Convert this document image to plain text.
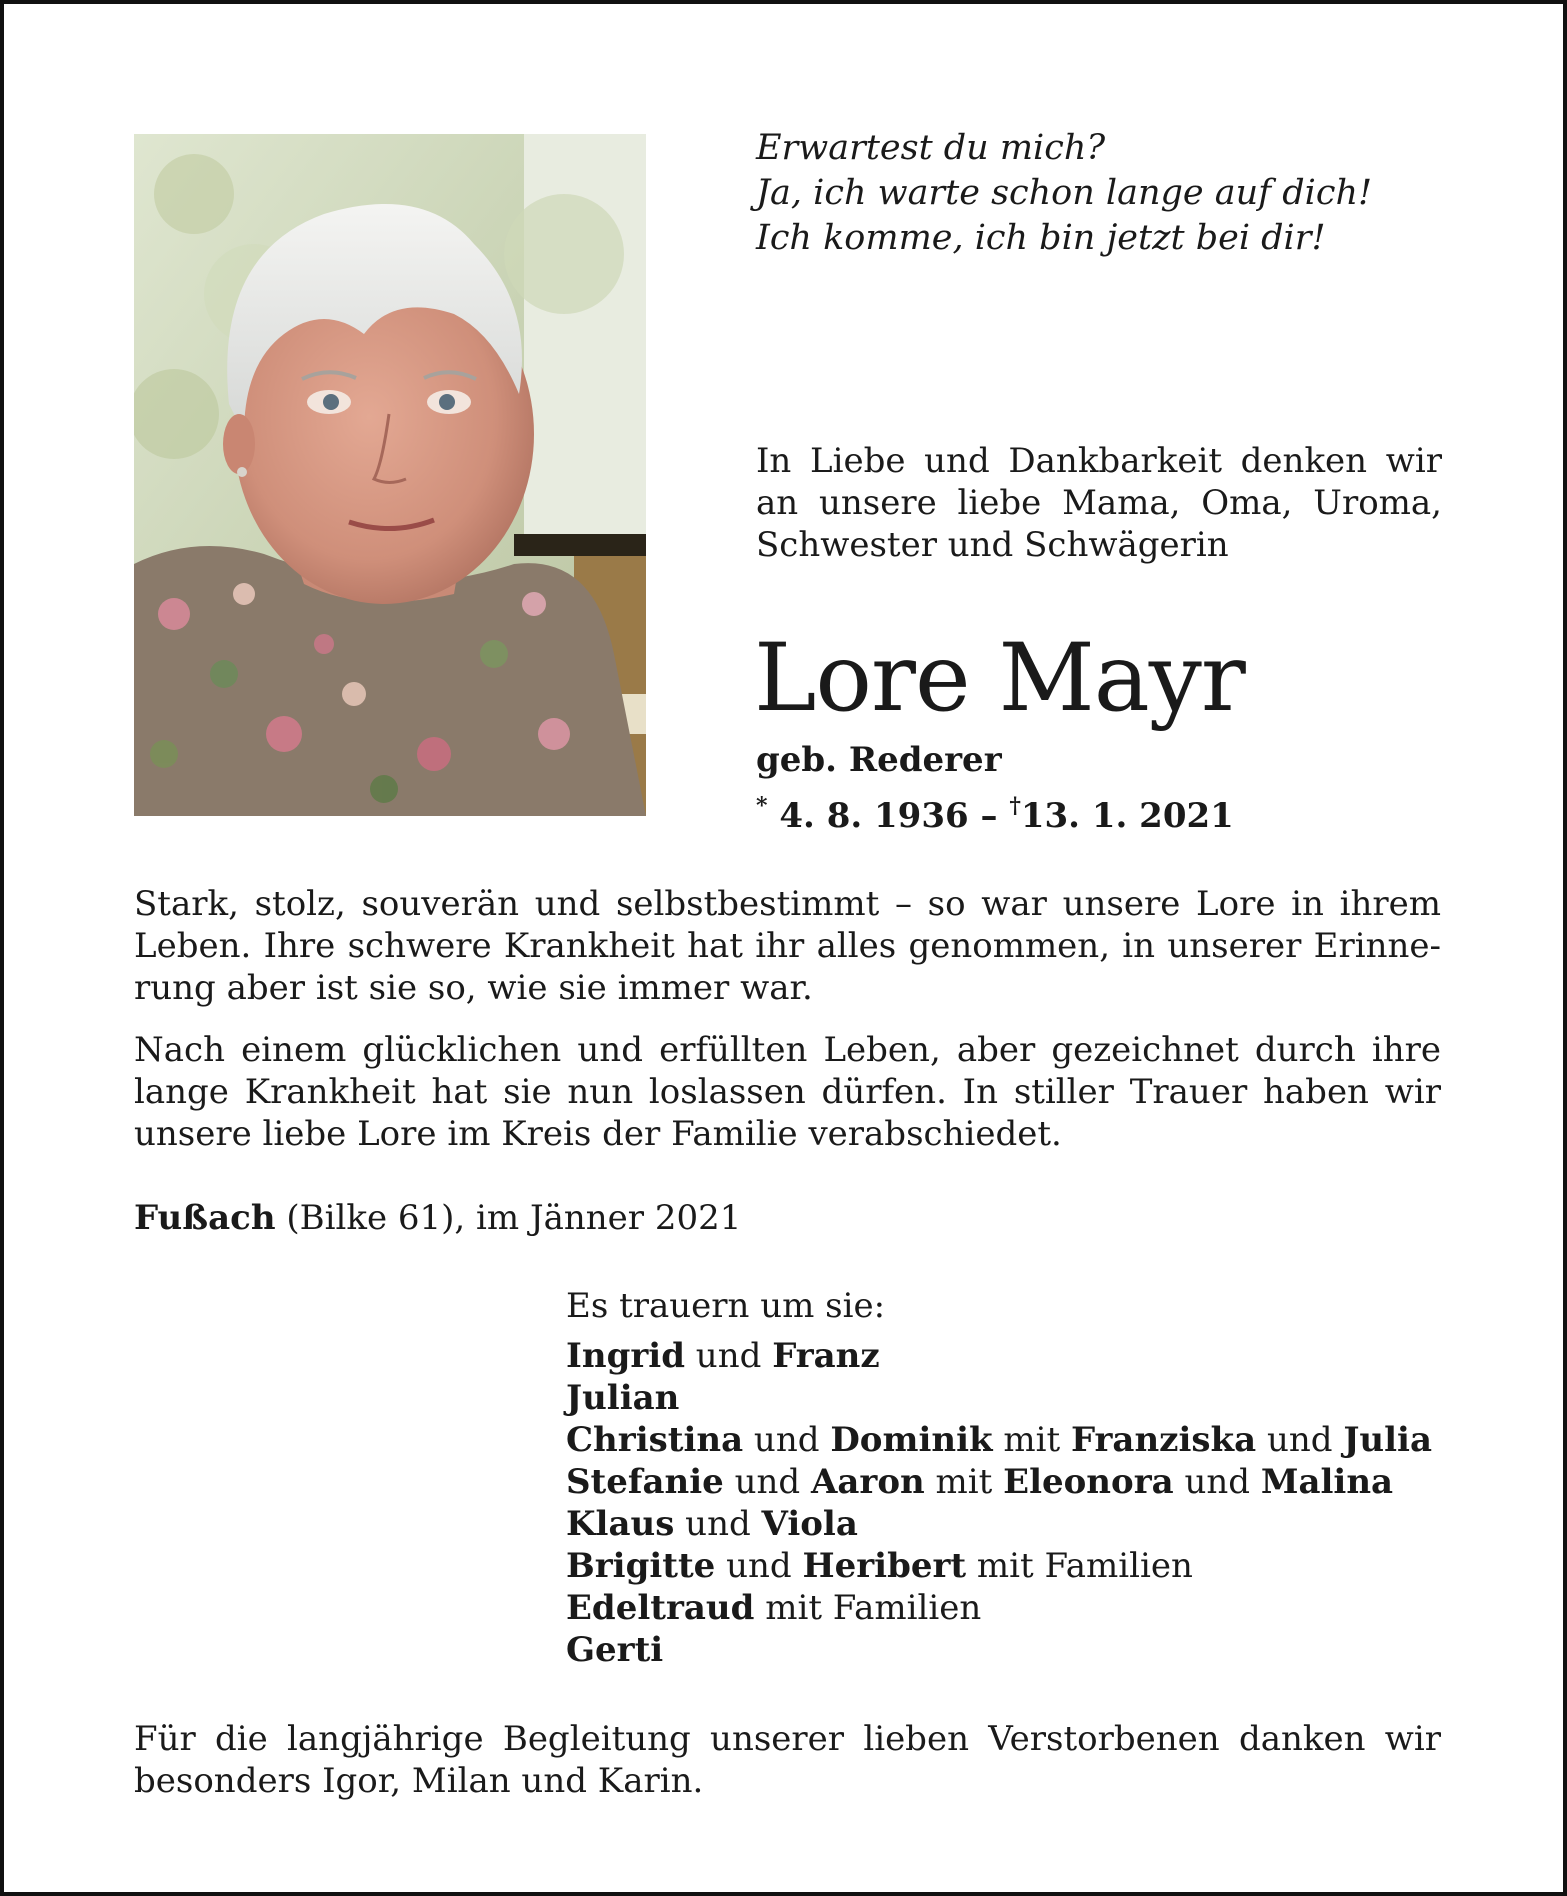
Erwartest du mich?
Ja, ich warte schon lange auf dich!
Ich komme, ich bin jetzt bei dir!
In Liebe und Dankbarkeit denken wir
an unsere liebe Mama, Oma, Uroma,
Schwester und Schwägerin
Lore Mayr
geb. Rederer
* 4. 8. 1936 – †13. 1. 2021
Stark, stolz, souverän und selbstbestimmt – so war unsere Lore in ihrem
Leben. Ihre schwere Krankheit hat ihr alles genommen, in unserer Erinne-
rung aber ist sie so, wie sie immer war.
Nach einem glücklichen und erfüllten Leben, aber gezeichnet durch ihre
lange Krankheit hat sie nun loslassen dürfen. In stiller Trauer haben wir
unsere liebe Lore im Kreis der Familie verabschiedet.
Fußach (Bilke 61), im Jänner 2021
Es trauern um sie:
Ingrid und Franz
Julian
Christina und Dominik mit Franziska und Julia
Stefanie und Aaron mit Eleonora und Malina
Klaus und Viola
Brigitte und Heribert mit Familien
Edeltraud mit Familien
Gerti
Für die langjährige Begleitung unserer lieben Verstorbenen danken wir
besonders Igor, Milan und Karin.
